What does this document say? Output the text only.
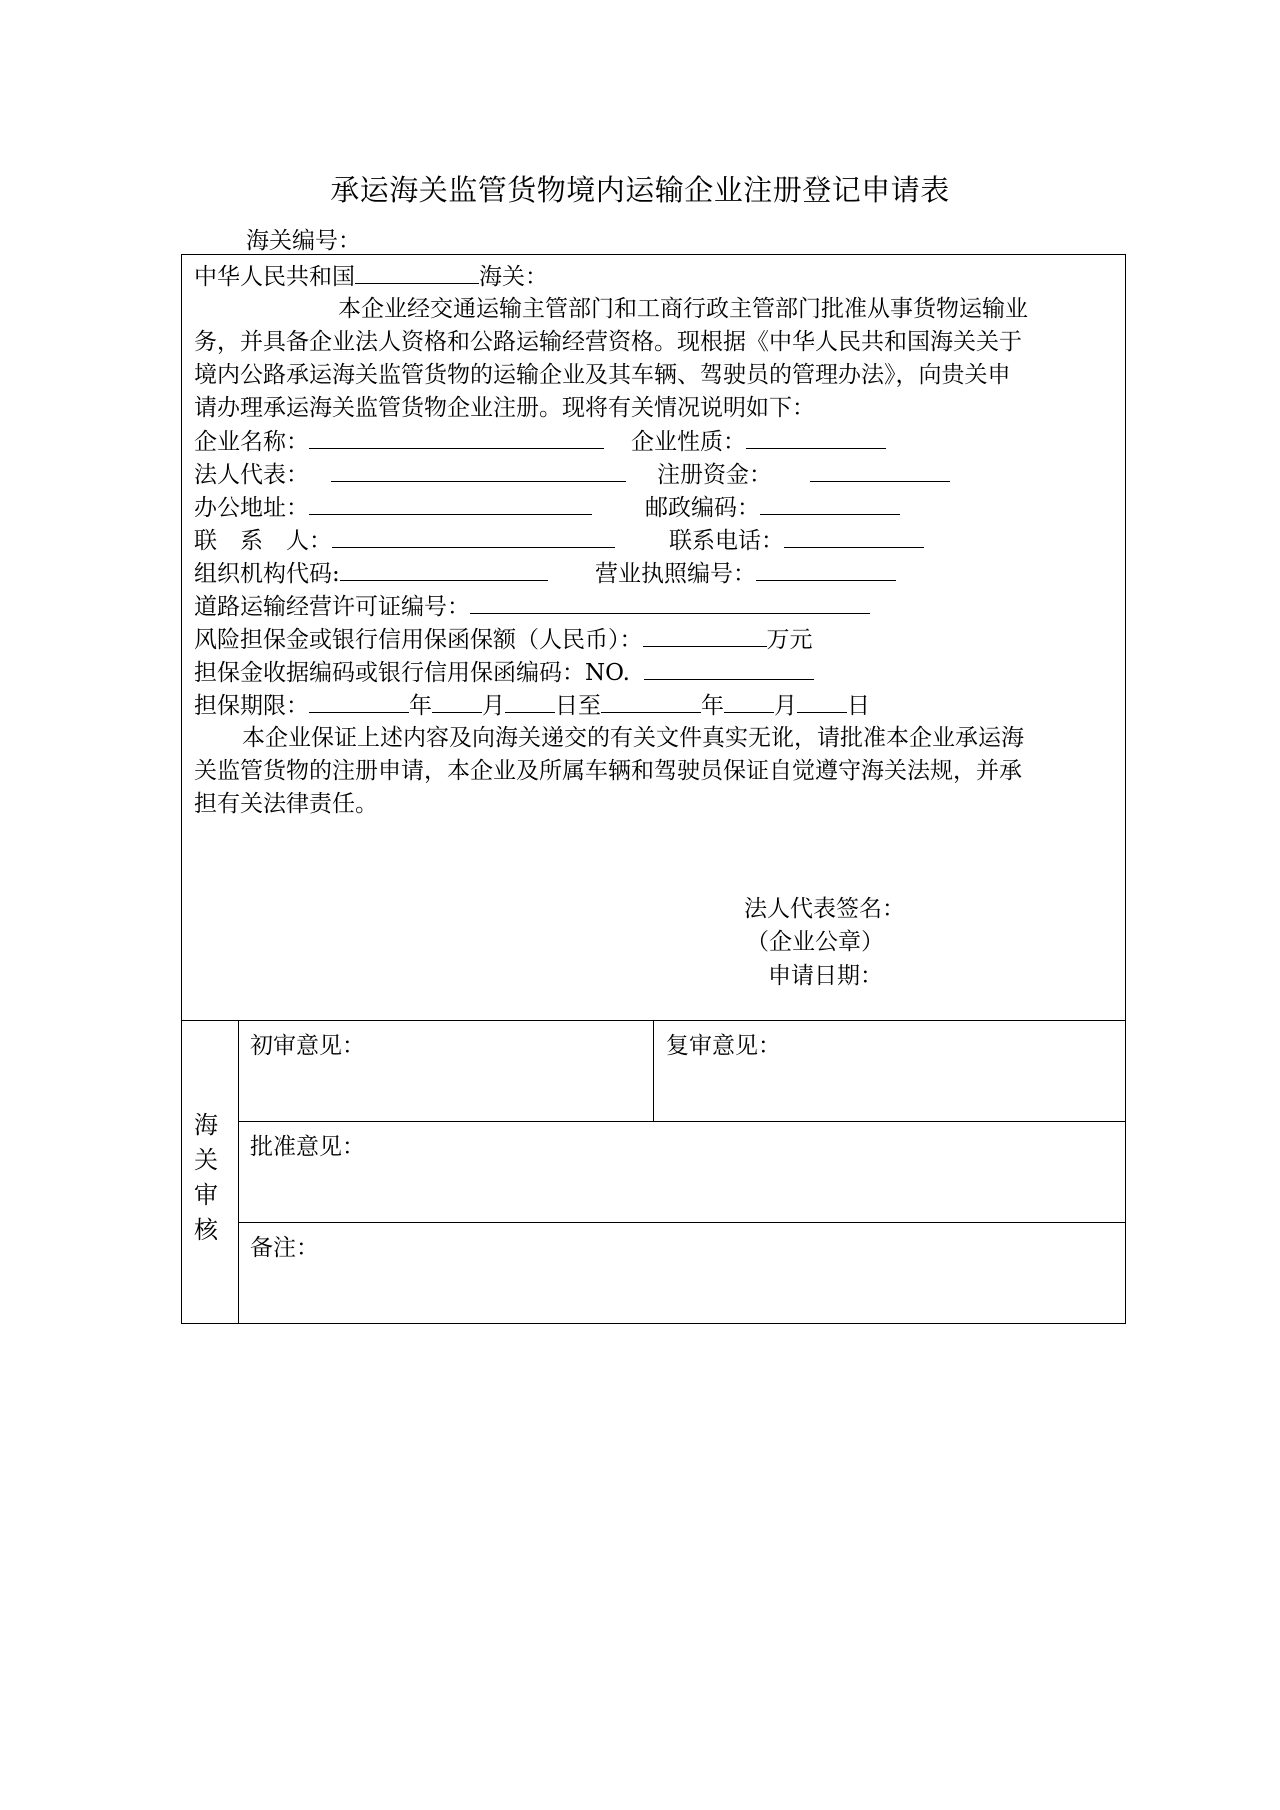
承运海关监管货物境内运输企业注册登记申请表
海关编号：
中华人民共和国	海关：
本企业经交通运输主管部门和工商行政主管部门批准从事货物运输业
务，并具备企业法人资格和公路运输经营资格。现根据《中华人民共和国海关关于
境内公路承运海关监管货物的运输企业及其车辆、驾驶员的管理办法》，向贵关申
请办理承运海关监管货物企业注册。现将有关情况说明如下：
企业名称：	企业性质：
法人代表：	注册资金：
办公地址：	邮政编码：
联　系　人：	联系电话：
组织机构代码:	营业执照编号：
道路运输经营许可证编号：
风险担保金或银行信用保函保额（人民币）：	万元
担保金收据编码或银行信用保函编码：NO.
担保期限：	年 月 日至	年 月 日
本企业保证上述内容及向海关递交的有关文件真实无讹，请批准本企业承运海
关监管货物的注册申请，本企业及所属车辆和驾驶员保证自觉遵守海关法规，并承
担有关法律责任。
法人代表签名：
（企业公章）
申请日期：
海
关
审
核
初审意见：	复审意见：
批准意见：
备注：
